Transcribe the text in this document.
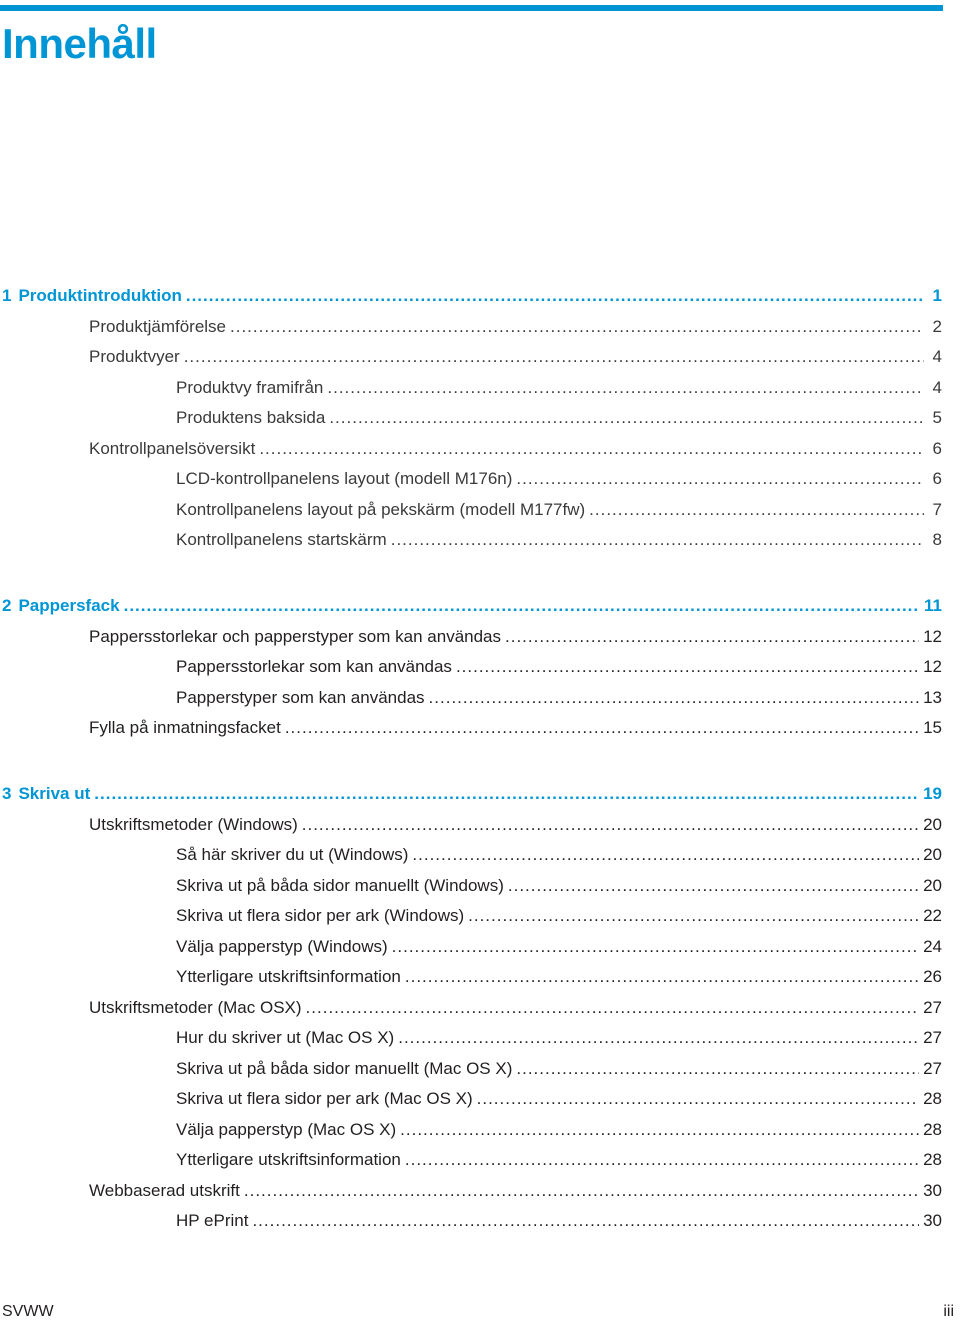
Innehåll
1 Produktintroduktion .....	1
Produktjämförelse .....	2
Produktvyer .....	4
Produktvy framifrån .....	4
Produktens baksida .....	5
Kontrollpanelsöversikt .....	6
LCD-kontrollpanelens layout (modell M176n) .....	6
Kontrollpanelens layout på pekskärm (modell M177fw) .....	7
Kontrollpanelens startskärm .....	8
2 Pappersfack .....	11
Pappersstorlekar och papperstyper som kan användas .....	12
Pappersstorlekar som kan användas .....	12
Papperstyper som kan användas .....	13
Fylla på inmatningsfacket .....	15
3 Skriva ut .....	19
Utskriftsmetoder (Windows) .....	20
Så här skriver du ut (Windows) .....	20
Skriva ut på båda sidor manuellt (Windows) .....	20
Skriva ut flera sidor per ark (Windows) .....	22
Välja papperstyp (Windows) .....	24
Ytterligare utskriftsinformation .....	26
Utskriftsmetoder (Mac OSX) .....	27
Hur du skriver ut (Mac OS X) .....	27
Skriva ut på båda sidor manuellt (Mac OS X) .....	27
Skriva ut flera sidor per ark (Mac OS X) .....	28
Välja papperstyp (Mac OS X) .....	28
Ytterligare utskriftsinformation .....	28
Webbaserad utskrift .....	30
HP ePrint .....	30
SVWW	iii
